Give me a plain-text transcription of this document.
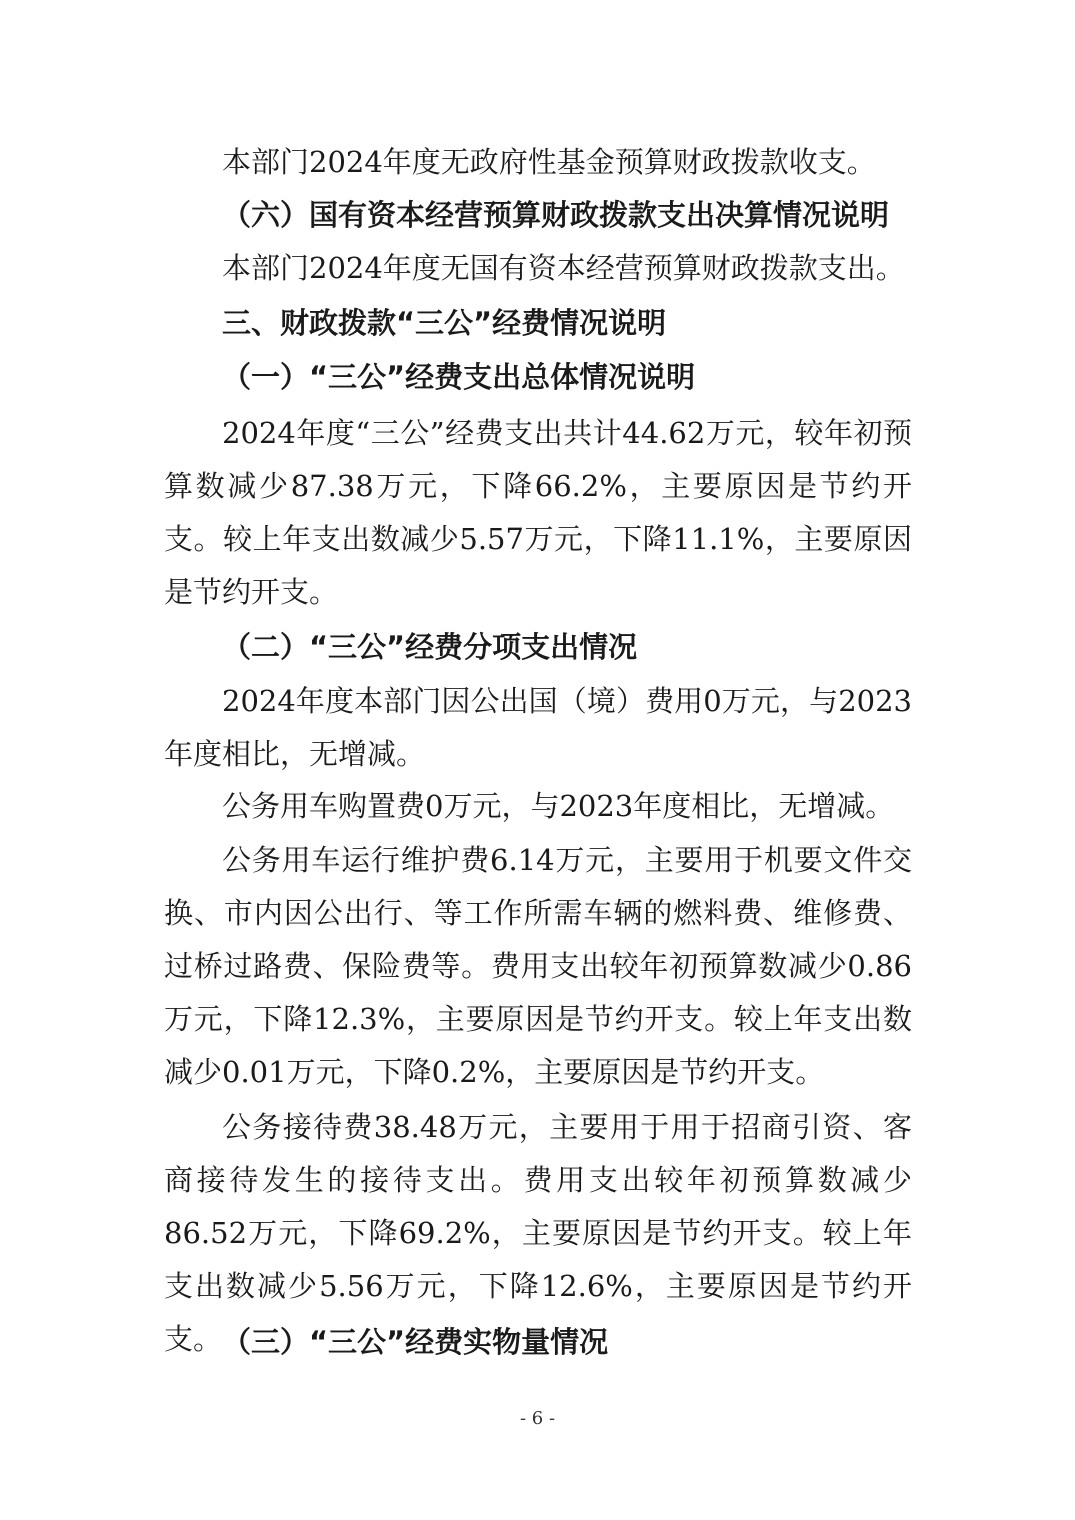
本部门2024年度无政府性基金预算财政拨款收支。

（六）国有资本经营预算财政拨款支出决算情况说明

本部门2024年度无国有资本经营预算财政拨款支出。

三、财政拨款“三公”经费情况说明

（一）“三公”经费支出总体情况说明

2024年度“三公”经费支出共计44.62万元，较年初预算数减少87.38万元，下降66.2%，主要原因是节约开支。较上年支出数减少5.57万元，下降11.1%，主要原因是节约开支。

（二）“三公”经费分项支出情况

2024年度本部门因公出国（境）费用0万元，与2023年度相比，无增减。

公务用车购置费0万元，与2023年度相比，无增减。

公务用车运行维护费6.14万元，主要用于机要文件交换、市内因公出行、等工作所需车辆的燃料费、维修费、过桥过路费、保险费等。费用支出较年初预算数减少0.86万元，下降12.3%，主要原因是节约开支。较上年支出数减少0.01万元，下降0.2%，主要原因是节约开支。

公务接待费38.48万元，主要用于用于招商引资、客商接待发生的接待支出。费用支出较年初预算数减少86.52万元，下降69.2%，主要原因是节约开支。较上年支出数减少5.56万元，下降12.6%，主要原因是节约开支。 （三）“三公”经费实物量情况

- 6 -
